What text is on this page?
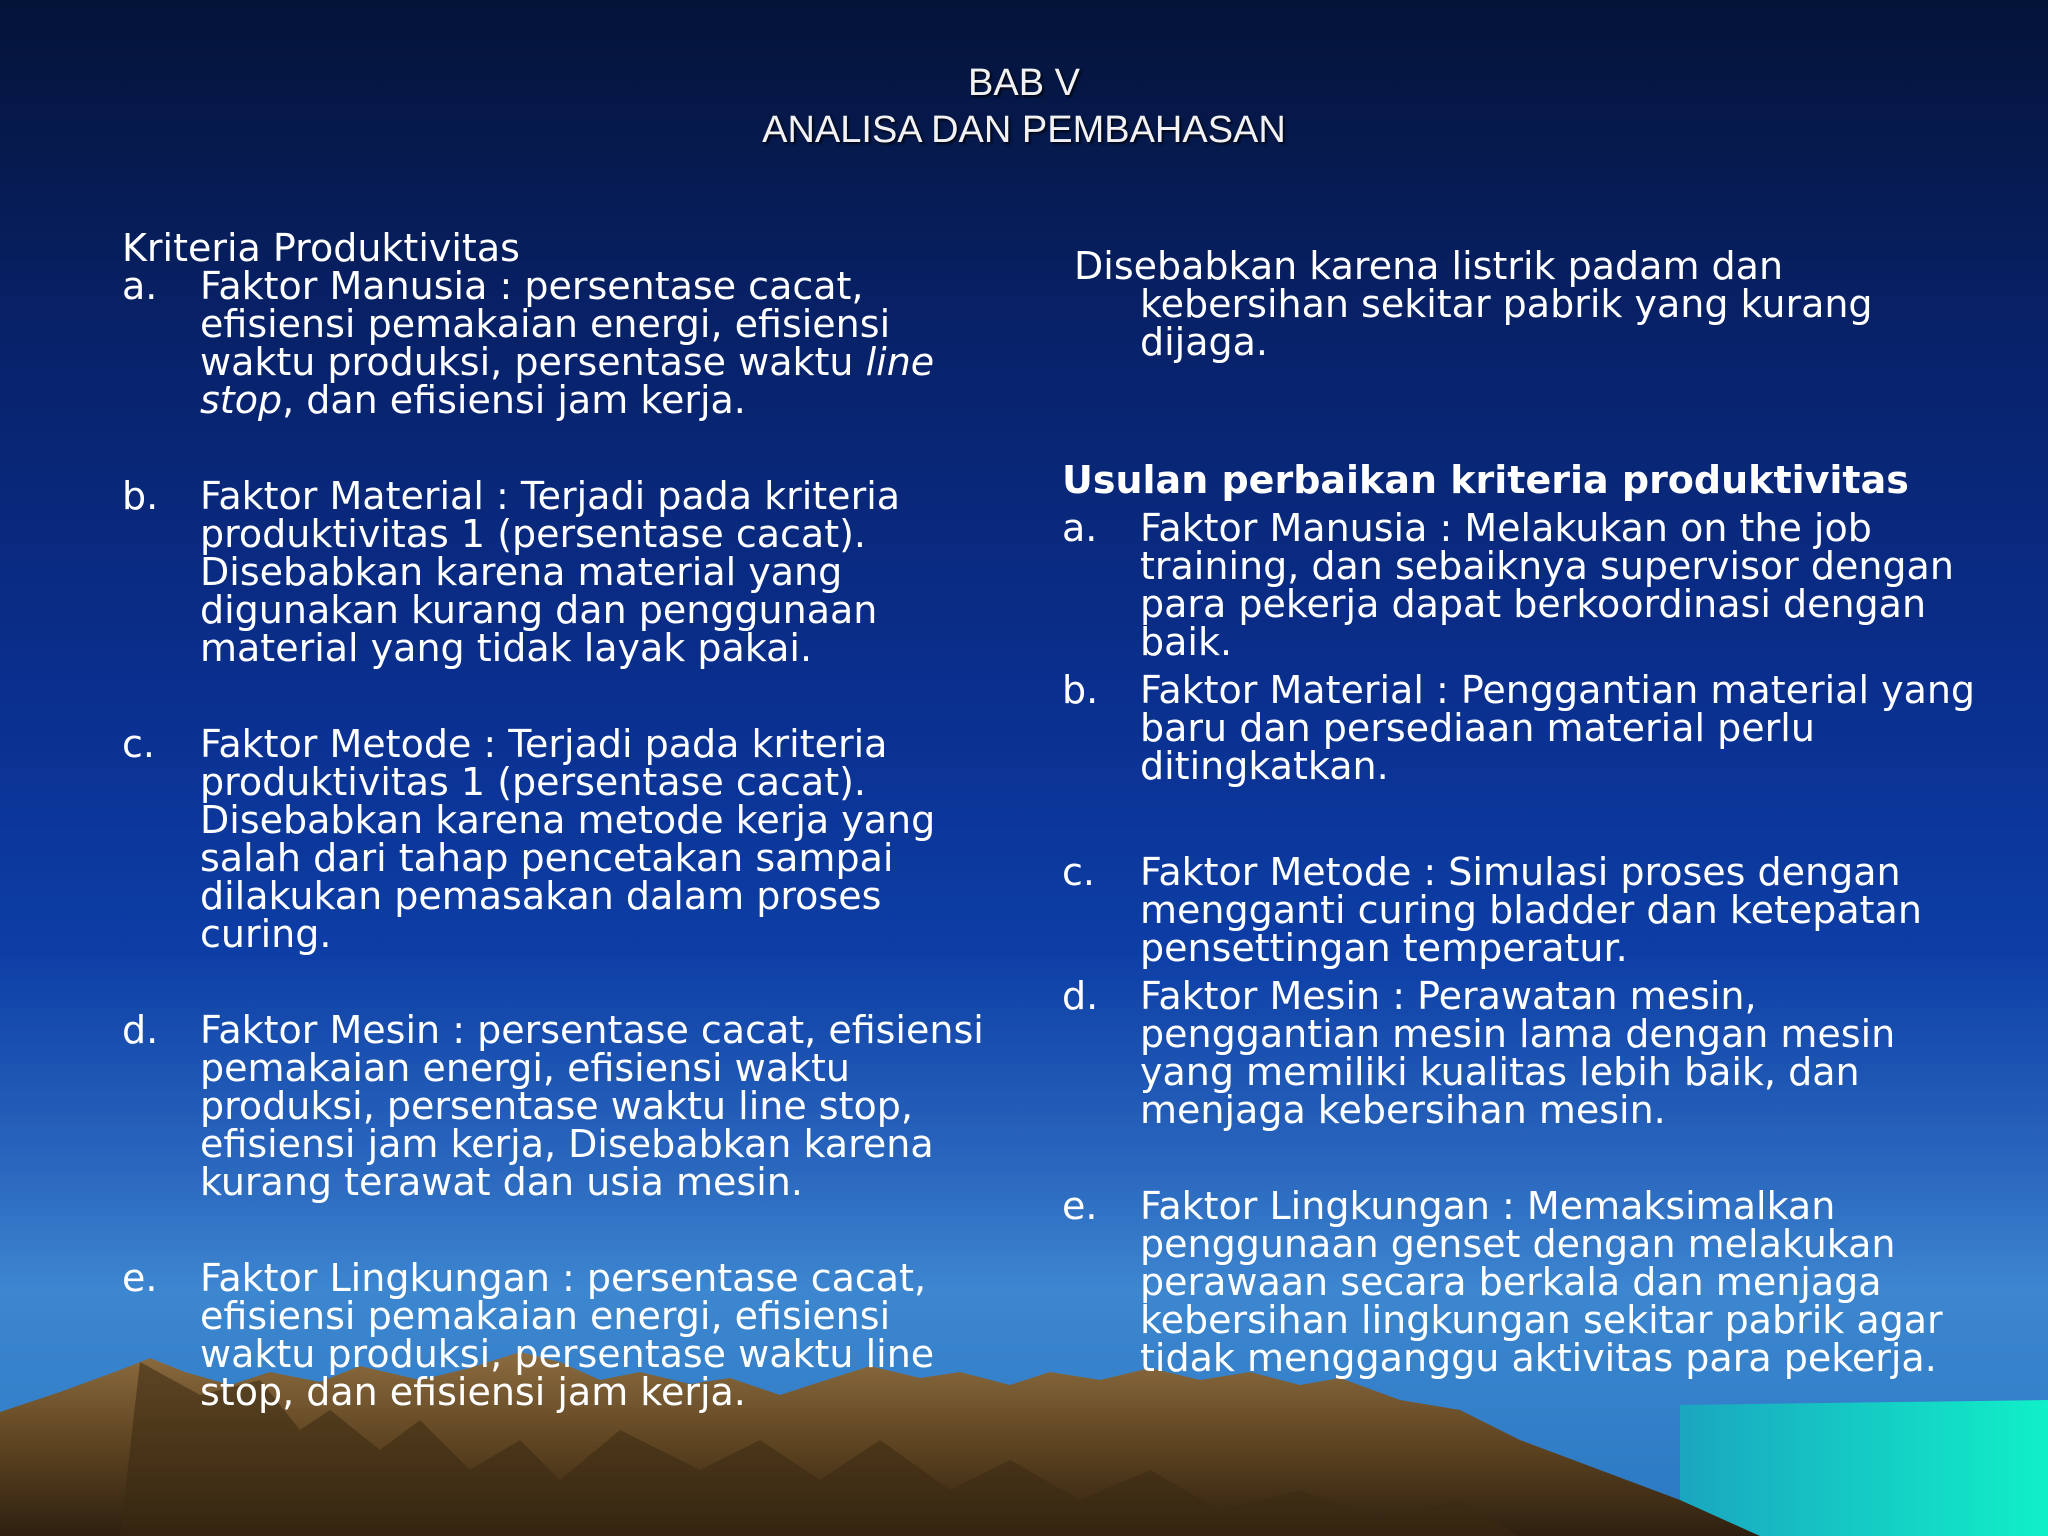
BAB V
ANALISA DAN PEMBAHASAN
Kriteria Produktivitas
a. Faktor Manusia : persentase cacat, efisiensi pemakaian energi, efisiensi waktu produksi, persentase waktu line stop, dan efisiensi jam kerja.
b. Faktor Material : Terjadi pada kriteria produktivitas 1 (persentase cacat). Disebabkan karena material yang digunakan kurang dan penggunaan material yang tidak layak pakai.
c. Faktor Metode : Terjadi pada kriteria produktivitas 1 (persentase cacat). Disebabkan karena metode kerja yang salah dari tahap pencetakan sampai dilakukan pemasakan dalam proses curing.
d. Faktor Mesin : persentase cacat, efisiensi pemakaian energi, efisiensi waktu produksi, persentase waktu line stop, efisiensi jam kerja, Disebabkan karena kurang terawat dan usia mesin.
e. Faktor Lingkungan : persentase cacat, efisiensi pemakaian energi, efisiensi waktu produksi, persentase waktu line stop, dan efisiensi jam kerja.
Disebabkan karena listrik padam dan kebersihan sekitar pabrik yang kurang dijaga.
Usulan perbaikan kriteria produktivitas
a. Faktor Manusia : Melakukan on the job training, dan sebaiknya supervisor dengan para pekerja dapat berkoordinasi dengan baik.
b. Faktor Material : Penggantian material yang baru dan persediaan material perlu ditingkatkan.
c. Faktor Metode : Simulasi proses dengan mengganti curing bladder dan ketepatan pensettingan temperatur.
d. Faktor Mesin : Perawatan mesin, penggantian mesin lama dengan mesin yang memiliki kualitas lebih baik, dan menjaga kebersihan mesin.
e. Faktor Lingkungan : Memaksimalkan penggunaan genset dengan melakukan perawaan secara berkala dan menjaga kebersihan lingkungan sekitar pabrik agar tidak mengganggu aktivitas para pekerja.
